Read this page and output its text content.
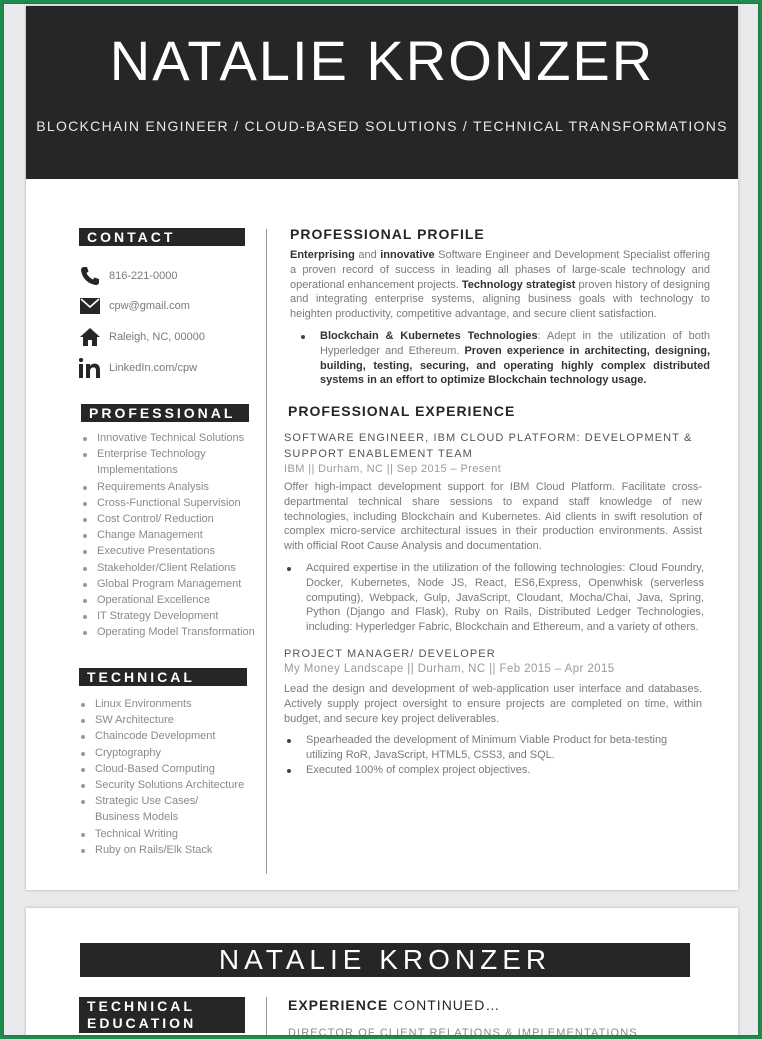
NATALIE KRONZER
BLOCKCHAIN ENGINEER / CLOUD-BASED SOLUTIONS / TECHNICAL TRANSFORMATIONS
CONTACT
816-221-0000
cpw@gmail.com
Raleigh, NC, 00000
LinkedIn.com/cpw
PROFESSIONAL
Innovative Technical Solutions
Enterprise Technology Implementations
Requirements Analysis
Cross-Functional Supervision
Cost Control/ Reduction
Change Management
Executive Presentations
Stakeholder/Client Relations
Global Program Management
Operational Excellence
IT Strategy Development
Operating Model Transformation
TECHNICAL
Linux Environments
SW Architecture
Chaincode Development
Cryptography
Cloud-Based Computing
Security Solutions Architecture
Strategic Use Cases/ Business Models
Technical Writing
Ruby on Rails/Elk Stack
PROFESSIONAL PROFILE
Enterprising and innovative Software Engineer and Development Specialist offering a proven record of success in leading all phases of large-scale technology and operational enhancement projects. Technology strategist proven history of designing and integrating enterprise systems, aligning business goals with technology to heighten productivity, competitive advantage, and secure client satisfaction.
Blockchain & Kubernetes Technologies: Adept in the utilization of both Hyperledger and Ethereum. Proven experience in architecting, designing, building, testing, securing, and operating highly complex distributed systems in an effort to optimize Blockchain technology usage.
PROFESSIONAL EXPERIENCE
SOFTWARE ENGINEER, IBM CLOUD PLATFORM: DEVELOPMENT & SUPPORT ENABLEMENT TEAM
IBM || Durham, NC || Sep 2015 – Present
Offer high-impact development support for IBM Cloud Platform. Facilitate cross-departmental technical share sessions to expand staff knowledge of new technologies, including Blockchain and Kubernetes. Aid clients in swift resolution of complex micro-service architectural issues in their production environments. Assist with official Root Cause Analysis and documentation.
Acquired expertise in the utilization of the following technologies: Cloud Foundry, Docker, Kubernetes, Node JS, React, ES6,Express, Openwhisk (serverless computing), Webpack, Gulp, JavaScript, Cloudant, Mocha/Chai, Java, Spring, Python (Django and Flask), Ruby on Rails, Distributed Ledger Technologies, including: Hyperledger Fabric, Blockchain and Ethereum, and a variety of others.
PROJECT MANAGER/ DEVELOPER
My Money Landscape || Durham, NC || Feb 2015 – Apr 2015
Lead the design and development of web-application user interface and databases. Actively supply project oversight to ensure projects are completed on time, within budget, and secure key project deliverables.
Spearheaded the development of Minimum Viable Product for beta-testing utilizing RoR, JavaScript, HTML5, CSS3, and SQL.
Executed 100% of complex project objectives.
NATALIE KRONZER
TECHNICAL
EDUCATION
EXPERIENCE CONTINUED…
DIRECTOR OF CLIENT RELATIONS & IMPLEMENTATIONS
